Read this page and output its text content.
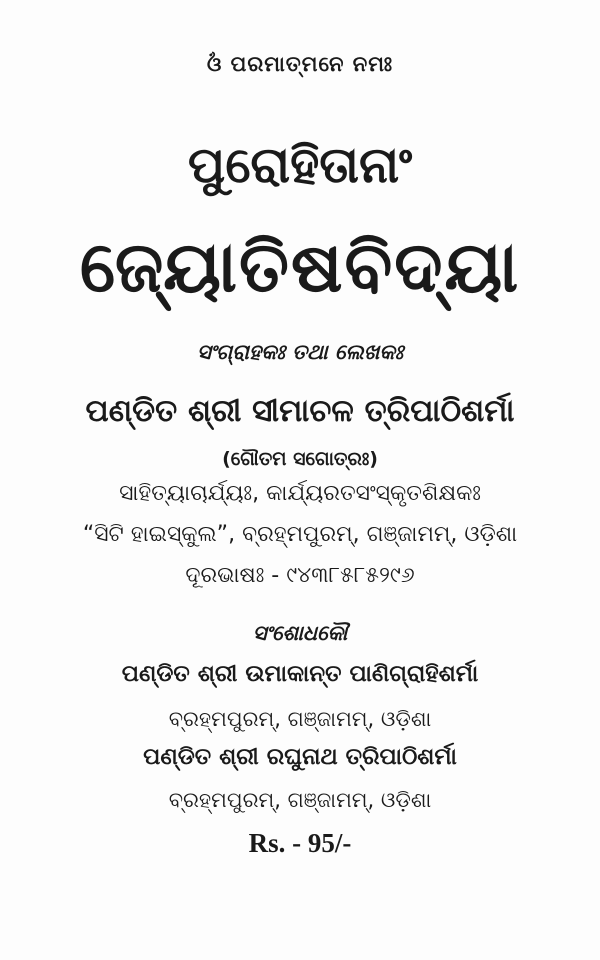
ଓଁ ପରମାତ୍ମନେ ନମଃ
ପୁରୋହିତାନାଂ
ଜ୍ୟୋତିଷବିଦ୍ୟା
ସଂଗ୍ରାହକଃ ତଥା ଲେଖକଃ
ପଣ୍ଡିତ ଶ୍ରୀ ସୀମାଚଳ ତ୍ରିପାଠିଶର୍ମା
(ଗୌତମ ସଗୋତ୍ରଃ)
ସାହିତ୍ୟାଚାର୍ଯ୍ୟଃ, କାର୍ଯ୍ୟରତସଂସ୍କୃତଶିକ୍ଷକଃ
“ସିଟି ହାଇସ୍କୁଲ”, ବ୍ରହ୍ମପୁରମ୍, ଗଞ୍ଜାମମ୍, ଓଡ଼ିଶା
ଦୂରଭାଷଃ - ୯୪୩୮୫୮୫୨୯୬
ସଂଶୋଧକୌ
ପଣ୍ଡିତ ଶ୍ରୀ ଉମାକାନ୍ତ ପାଣିଗ୍ରାହିଶର୍ମା
ବ୍ରହ୍ମପୁରମ୍, ଗଞ୍ଜାମମ୍, ଓଡ଼ିଶା
ପଣ୍ଡିତ ଶ୍ରୀ ରଘୁନାଥ ତ୍ରିପାଠିଶର୍ମା
ବ୍ରହ୍ମପୁରମ୍, ଗଞ୍ଜାମମ୍, ଓଡ଼ିଶା
Rs. - 95/-
